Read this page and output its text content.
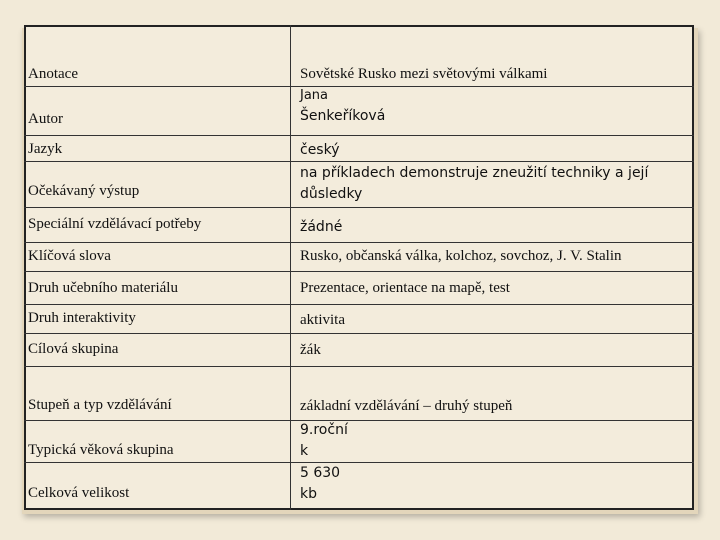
Anotace
Autor
Jazyk
Očekávaný výstup
Speciální vzdělávací potřeby
Klíčová slova
Druh učebního materiálu
Druh interaktivity
Cílová skupina
Stupeň a typ vzdělávání
Typická věková skupina
Celková velikost
Sovětské Rusko mezi světovými válkami
Jana
Šenkeříková
český
na příkladech demonstruje zneužití techniky a její
důsledky
žádné
Rusko, občanská válka, kolchoz, sovchoz, J. V. Stalin
Prezentace, orientace na mapě, test
aktivita
žák
základní vzdělávání – druhý stupeň
9.roční
k
5 630
kb
